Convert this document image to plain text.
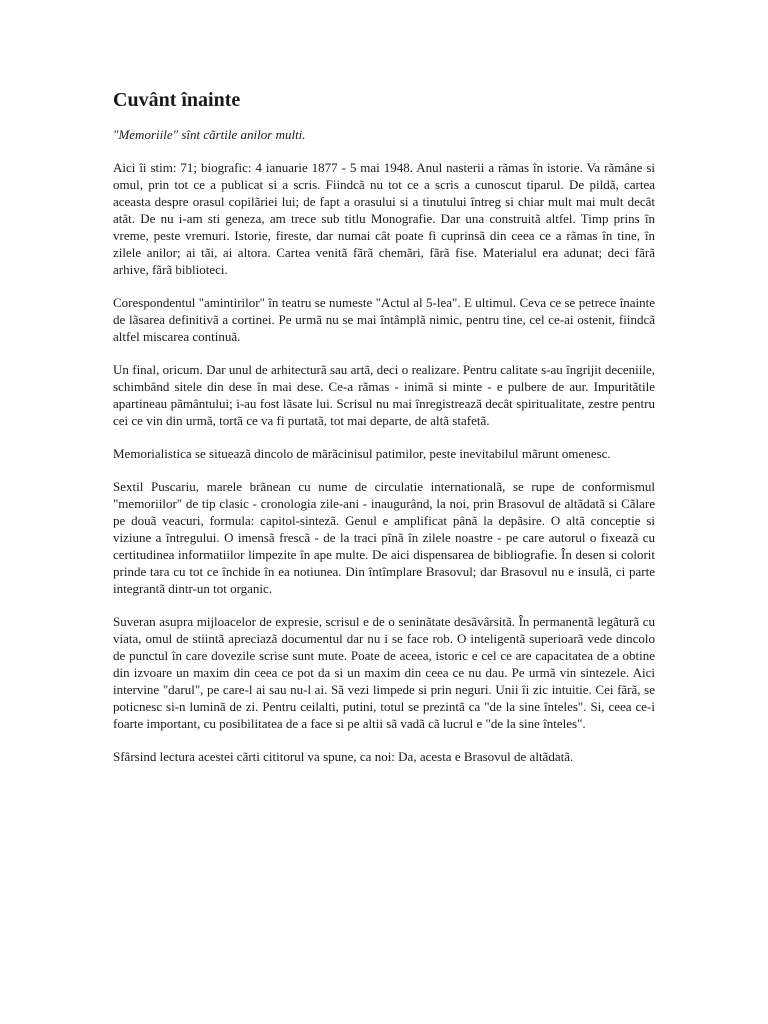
Cuvânt înainte

"Memoriile" sînt cãrtile anilor multi.

Aici îi stim: 71; biografic: 4 ianuarie 1877 - 5 mai 1948. Anul nasterii a rãmas în istorie. Va rãmâne si omul, prin tot ce a publicat si a scris. Fiindcã nu tot ce a scris a cunoscut tiparul. De pildã, cartea aceasta despre orasul copilãriei lui; de fapt a orasului si a tinutului întreg si chiar mult mai mult decât atât. De nu i-am sti geneza, am trece sub titlu Monografie. Dar una construitã altfel. Timp prins în vreme, peste vremuri. Istorie, fireste, dar numai cât poate fi cuprinsã din ceea ce a rãmas în tine, în zilele anilor; ai tãi, ai altora. Cartea venitã fãrã chemãri, fãrã fise. Materialul era adunat; deci fãrã arhive, fãrã biblioteci.

Corespondentul "amintirilor" în teatru se numeste "Actul al 5-lea". E ultimul. Ceva ce se petrece înainte de lãsarea definitivã a cortinei. Pe urmã nu se mai întâmplã nimic, pentru tine, cel ce-ai ostenit, fiindcã altfel miscarea continuã.

Un final, oricum. Dar unul de arhitecturã sau artã, deci o realizare. Pentru calitate s-au îngrijit deceniile, schimbând sitele din dese în mai dese. Ce-a rãmas - inimã si minte - e pulbere de aur. Impuritãtile apartineau pãmântului; i-au fost lãsate lui. Scrisul nu mai înregistreazã decât spiritualitate, zestre pentru cei ce vin din urmã, tortã ce va fi purtatã, tot mai departe, de altã stafetã.

Memorialistica se situeazã dincolo de mãrãcinisul patimilor, peste inevitabilul mãrunt omenesc.

Sextil Puscariu, marele brãnean cu nume de circulatie internationalã, se rupe de conformismul "memoriilor" de tip clasic - cronologia zile-ani - inaugurând, la noi, prin Brasovul de altãdatã si Cãlare pe douã veacuri, formula: capitol-sintezã. Genul e amplificat pânã la depãsire. O altã conceptie si viziune a întregului. O imensã frescã - de la traci pînã în zilele noastre - pe care autorul o fixeazã cu certitudinea informatiilor limpezite în ape multe. De aici dispensarea de bibliografie. În desen si colorit prinde tara cu tot ce închide în ea notiunea. Din întîmplare Brasovul; dar Brasovul nu e insulã, ci parte integrantã dintr-un tot organic.

Suveran asupra mijloacelor de expresie, scrisul e de o seninãtate desãvârsitã. În permanentã legãturã cu viata, omul de stiintã apreciazã documentul dar nu i se face rob. O inteligentã superioarã vede dincolo de punctul în care dovezile scrise sunt mute. Poate de aceea, istoric e cel ce are capacitatea de a obtine din izvoare un maxim din ceea ce pot da si un maxim din ceea ce nu dau. Pe urmã vin sintezele. Aici intervine "darul", pe care-l ai sau nu-l ai. Sã vezi limpede si prin neguri. Unii îi zic intuitie. Cei fãrã, se poticnesc si-n luminã de zi. Pentru ceilalti, putini, totul se prezintã ca "de la sine înteles". Si, ceea ce-i foarte important, cu posibilitatea de a face si pe altii sã vadã cã lucrul e "de la sine înteles".

Sfârsind lectura acestei cãrti cititorul va spune, ca noi: Da, acesta e Brasovul de altãdatã.
